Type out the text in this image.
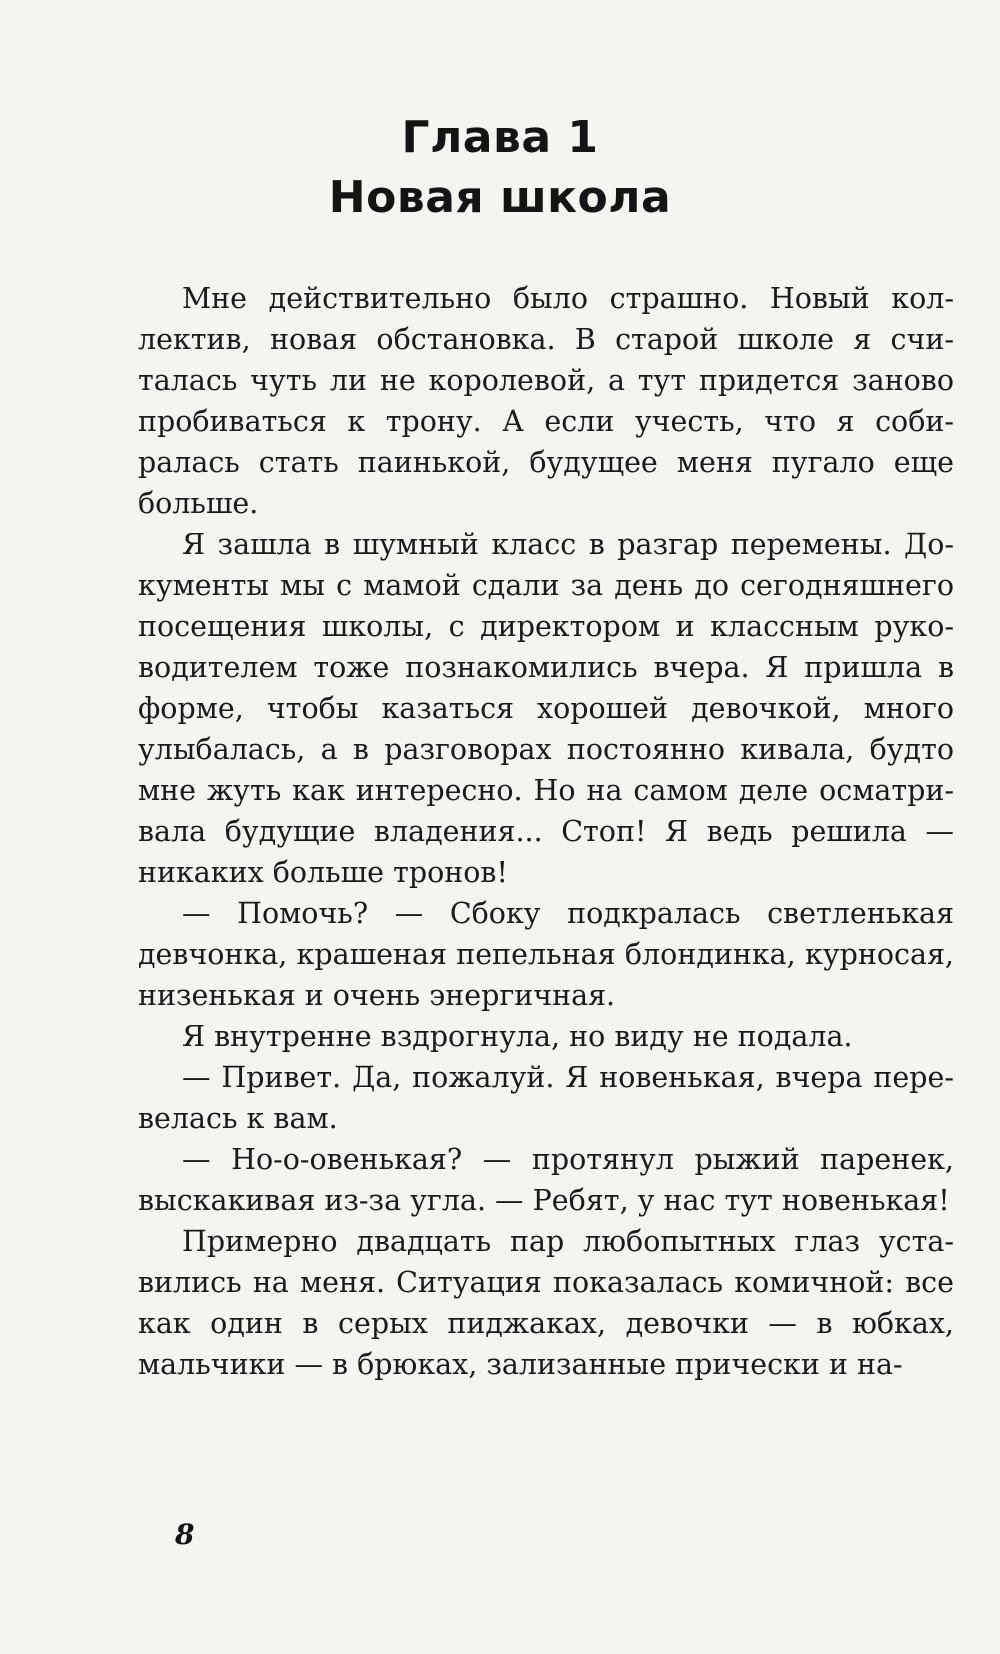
Глава 1
Новая школа

Мне действительно было страшно. Новый коллектив, новая обстановка. В старой школе я считалась чуть ли не королевой, а тут придется заново пробиваться к трону. А если учесть, что я собиралась стать паинькой, будущее меня пугало еще больше.

Я зашла в шумный класс в разгар перемены. Документы мы с мамой сдали за день до сегодняшнего посещения школы, с директором и классным руководителем тоже познакомились вчера. Я пришла в форме, чтобы казаться хорошей девочкой, много улыбалась, а в разговорах постоянно кивала, будто мне жуть как интересно. Но на самом деле осматривала будущие владения... Стоп! Я ведь решила — никаких больше тронов!

— Помочь? — Сбоку подкралась светленькая девчонка, крашеная пепельная блондинка, курносая, низенькая и очень энергичная.

Я внутренне вздрогнула, но виду не подала.

— Привет. Да, пожалуй. Я новенькая, вчера перевелась к вам.

— Но-о-овенькая? — протянул рыжий паренек, выскакивая из-за угла. — Ребят, у нас тут новенькая!

Примерно двадцать пар любопытных глаз уставились на меня. Ситуация показалась комичной: все как один в серых пиджаках, девочки — в юбках, мальчики — в брюках, зализанные прически и на-

8
